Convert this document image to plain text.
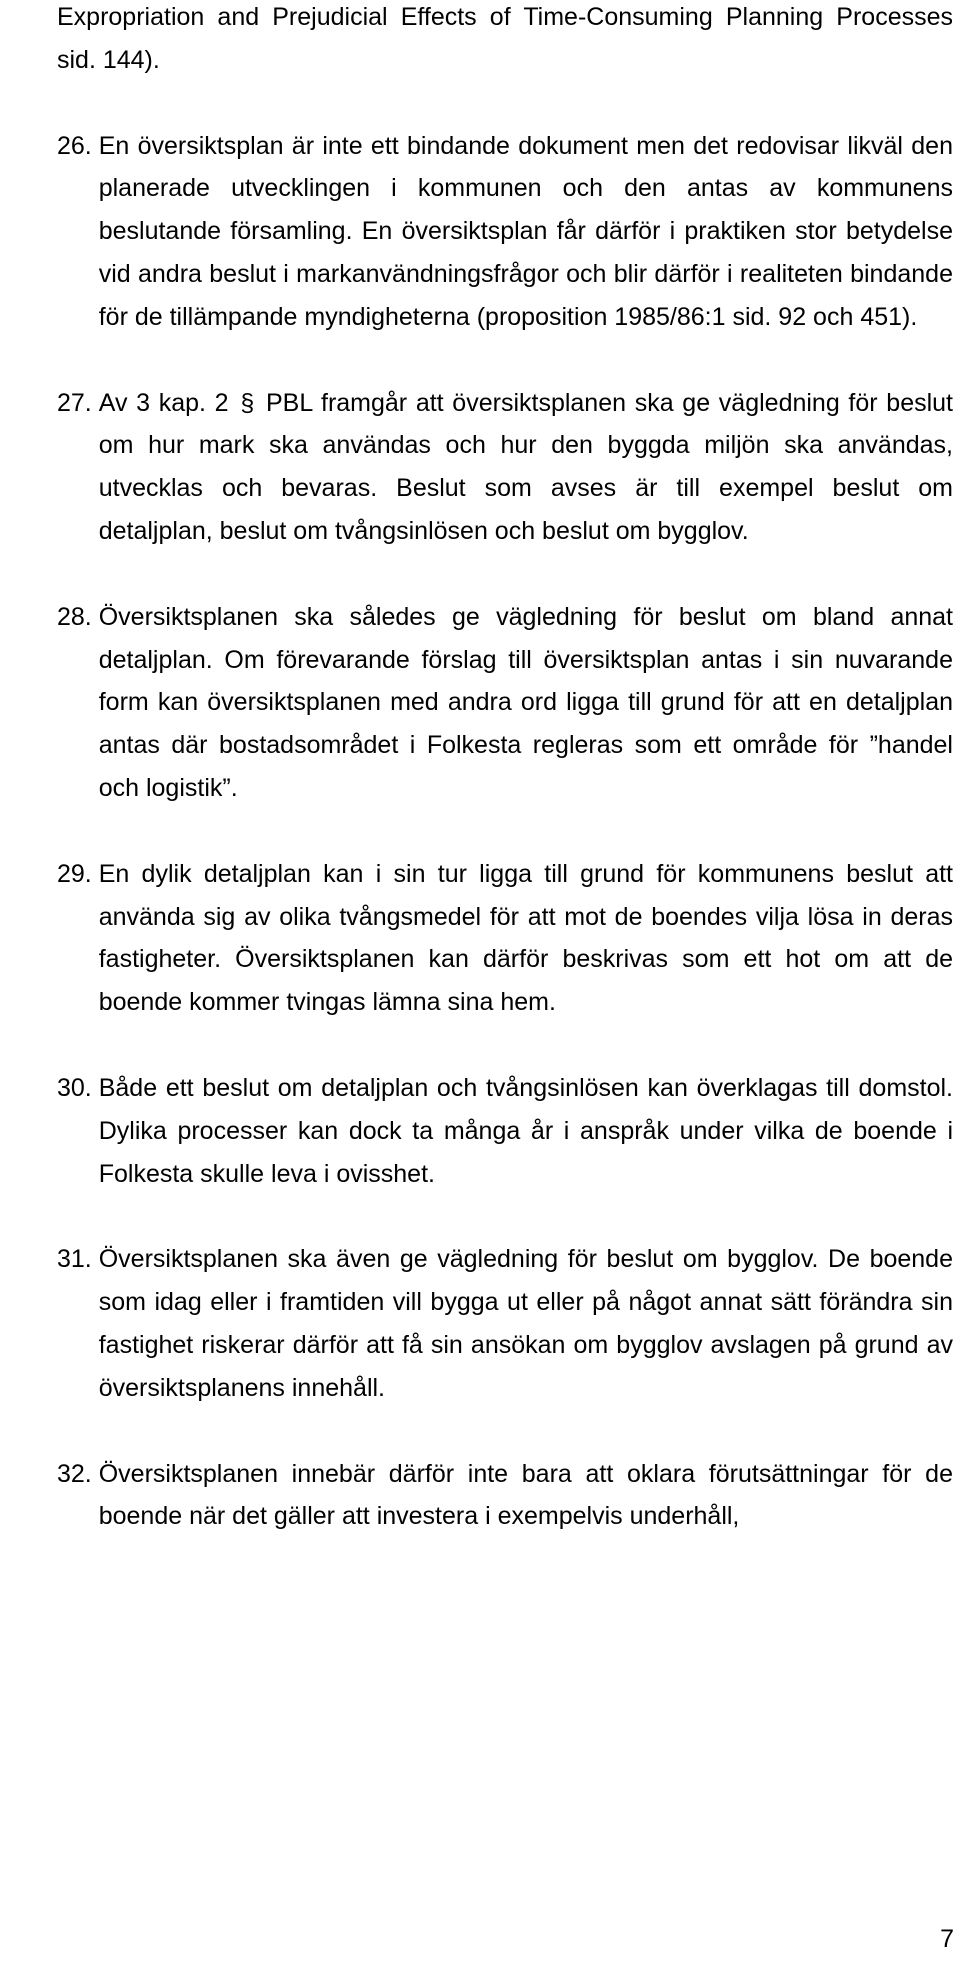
Expropriation and Prejudicial Effects of Time-Consuming Planning Processes sid. 144).

26.
En översiktsplan är inte ett bindande dokument men det redovisar likväl den planerade utvecklingen i kommunen och den antas av kommunens beslutande församling. En översiktsplan får därför i praktiken stor betydelse vid andra beslut i markanvändningsfrågor och blir därför i realiteten bindande för de tillämpande myndigheterna (proposition 1985/86:1 sid. 92 och 451).
27.
Av 3 kap. 2 § PBL framgår att översiktsplanen ska ge vägledning för beslut om hur mark ska användas och hur den byggda miljön ska användas, utvecklas och bevaras. Beslut som avses är till exempel beslut om detaljplan, beslut om tvångsinlösen och beslut om bygglov.
28.
Översiktsplanen ska således ge vägledning för beslut om bland annat detaljplan. Om förevarande förslag till översiktsplan antas i sin nuvarande form kan översiktsplanen med andra ord ligga till grund för att en detaljplan antas där bostadsområdet i Folkesta regleras som ett område för ”handel och logistik”.
29.
En dylik detaljplan kan i sin tur ligga till grund för kommunens beslut att använda sig av olika tvångsmedel för att mot de boendes vilja lösa in deras fastigheter. Översiktsplanen kan därför beskrivas som ett hot om att de boende kommer tvingas lämna sina hem.
30.
Både ett beslut om detaljplan och tvångsinlösen kan överklagas till domstol. Dylika processer kan dock ta många år i anspråk under vilka de boende i Folkesta skulle leva i ovisshet.
31.
Översiktsplanen ska även ge vägledning för beslut om bygglov. De boende som idag eller i framtiden vill bygga ut eller på något annat sätt förändra sin fastighet riskerar därför att få sin ansökan om bygglov avslagen på grund av översiktsplanens innehåll.
32.
Översiktsplanen innebär därför inte bara att oklara förutsättningar för de boende när det gäller att investera i exempelvis underhåll,
7
